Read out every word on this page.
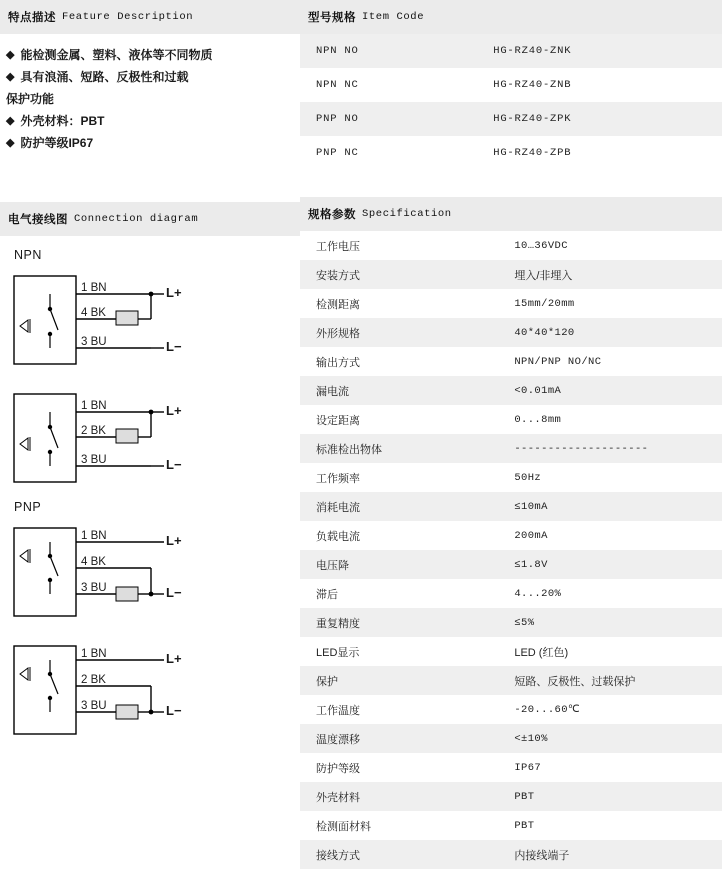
特点描述 Feature Description
◆ 能检测金属、塑料、液体等不同物质
◆ 具有浪涌、短路、反极性和过载
保护功能
◆ 外壳材料：PBT
◆ 防护等级IP67
电气接线图 Connection diagram
NPN
1 BN
4 BK
3 BU
L+
L−
1 BN
2 BK
3 BU
L+
L−
PNP
1 BN
4 BK
3 BU
L+
L−
1 BN
2 BK
3 BU
L+
L−
型号规格 Item Code
NPN NO	HG-RZ40-ZNK
NPN NC	HG-RZ40-ZNB
PNP NO	HG-RZ40-ZPK
PNP NC	HG-RZ40-ZPB
规格参数 Specification
工作电压	10…36VDC
安装方式	埋入/非埋入
检测距离	15mm/20mm
外形规格	40*40*120
输出方式	NPN/PNP NO/NC
漏电流	<0.01mA
设定距离	0...8mm
标准检出物体	--------------------
工作频率	50Hz
消耗电流	≤10mA
负载电流	200mA
电压降	≤1.8V
滞后	4...20%
重复精度	≤5%
LED显示	LED (红色)
保护	短路、反极性、过载保护
工作温度	-20...60℃
温度漂移	<±10%
防护等级	IP67
外壳材料	PBT
检测面材料	PBT
接线方式	内接线端子
